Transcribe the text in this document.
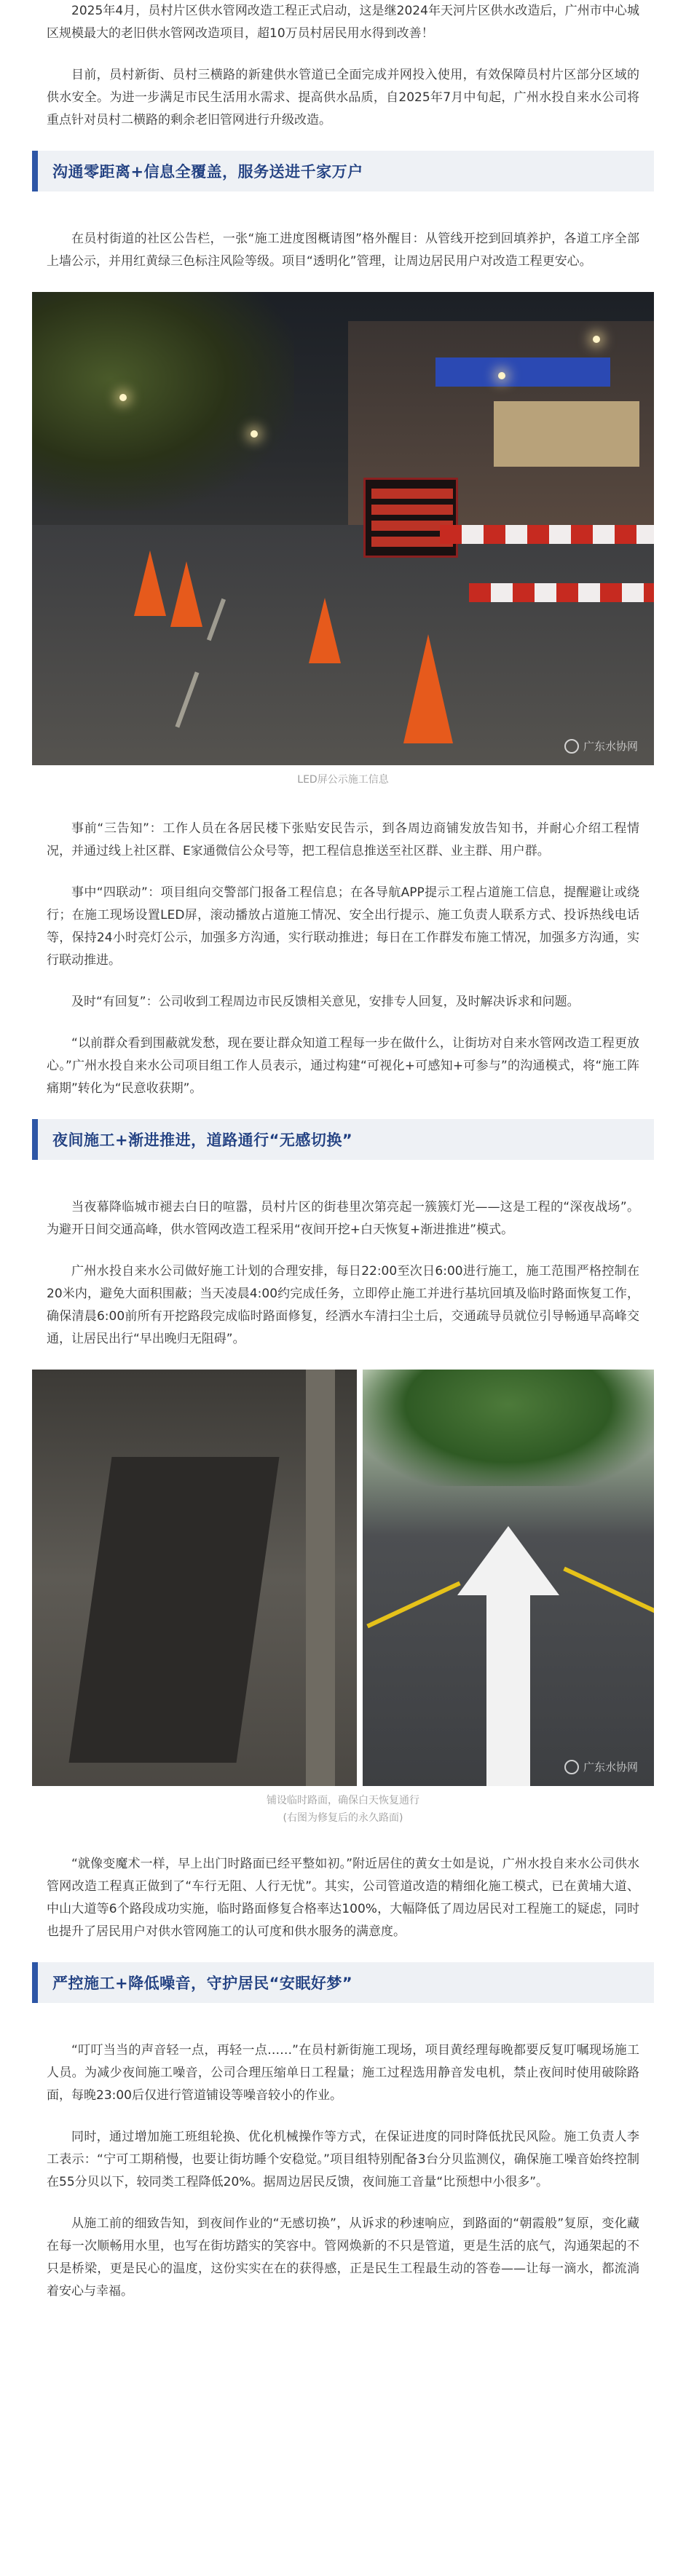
2025年4月，员村片区供水管网改造工程正式启动，这是继2024年天河片区供水改造后，广州市中心城区规模最大的老旧供水管网改造项目，超10万员村居民用水得到改善！

目前，员村新街、员村三横路的新建供水管道已全面完成并网投入使用，有效保障员村片区部分区域的供水安全。为进一步满足市民生活用水需求、提高供水品质，自2025年7月中旬起，广州水投自来水公司将重点针对员村二横路的剩余老旧管网进行升级改造。

沟通零距离+信息全覆盖，服务送进千家万户

在员村街道的社区公告栏，一张“施工进度图概请图”格外醒目：从管线开挖到回填养护，各道工序全部上墙公示，并用红黄绿三色标注风险等级。项目“透明化”管理，让周边居民用户对改造工程更安心。

广东水协网
LED屏公示施工信息

事前“三告知”：工作人员在各居民楼下张贴安民告示，到各周边商铺发放告知书，并耐心介绍工程情况，并通过线上社区群、E家通微信公众号等，把工程信息推送至社区群、业主群、用户群。

事中“四联动”：项目组向交警部门报备工程信息；在各导航APP提示工程占道施工信息，提醒避让或绕行；在施工现场设置LED屏，滚动播放占道施工情况、安全出行提示、施工负责人联系方式、投诉热线电话等，保持24小时亮灯公示，加强多方沟通，实行联动推进；每日在工作群发布施工情况，加强多方沟通，实行联动推进。

及时“有回复”：公司收到工程周边市民反馈相关意见，安排专人回复，及时解决诉求和问题。

“以前群众看到围蔽就发愁，现在要让群众知道工程每一步在做什么，让街坊对自来水管网改造工程更放心。”广州水投自来水公司项目组工作人员表示，通过构建“可视化+可感知+可参与”的沟通模式，将“施工阵痛期”转化为“民意收获期”。

夜间施工+渐进推进，道路通行“无感切换”

当夜幕降临城市褪去白日的喧嚣，员村片区的街巷里次第亮起一簇簇灯光——这是工程的“深夜战场”。为避开日间交通高峰，供水管网改造工程采用“夜间开挖+白天恢复+渐进推进”模式。

广州水投自来水公司做好施工计划的合理安排，每日22:00至次日6:00进行施工，施工范围严格控制在20米内，避免大面积围蔽；当天凌晨4:00约完成任务，立即停止施工并进行基坑回填及临时路面恢复工作，确保清晨6:00前所有开挖路段完成临时路面修复，经洒水车清扫尘土后，交通疏导员就位引导畅通早高峰交通，让居民出行“早出晚归无阻碍”。

广东水协网
铺设临时路面，确保白天恢复通行
(右图为修复后的永久路面)

“就像变魔术一样，早上出门时路面已经平整如初。”附近居住的黄女士如是说，广州水投自来水公司供水管网改造工程真正做到了“车行无阻、人行无忧”。其实，公司管道改造的精细化施工模式，已在黄埔大道、中山大道等6个路段成功实施，临时路面修复合格率达100%，大幅降低了周边居民对工程施工的疑虑，同时也提升了居民用户对供水管网施工的认可度和供水服务的满意度。

严控施工+降低噪音，守护居民“安眠好梦”

“叮叮当当的声音轻一点，再轻一点……”在员村新街施工现场，项目黄经理每晚都要反复叮嘱现场施工人员。为减少夜间施工噪音，公司合理压缩单日工程量；施工过程选用静音发电机，禁止夜间时使用破除路面，每晚23:00后仅进行管道铺设等噪音较小的作业。

同时，通过增加施工班组轮换、优化机械操作等方式，在保证进度的同时降低扰民风险。施工负责人李工表示：“宁可工期稍慢，也要让街坊睡个安稳觉。”项目组特别配备3台分贝监测仪，确保施工噪音始终控制在55分贝以下，较同类工程降低20%。据周边居民反馈，夜间施工音量“比预想中小很多”。

从施工前的细致告知，到夜间作业的“无感切换”，从诉求的秒速响应，到路面的“朝霞般”复原，变化藏在每一次顺畅用水里，也写在街坊踏实的笑容中。管网焕新的不只是管道，更是生活的底气，沟通架起的不只是桥梁，更是民心的温度，这份实实在在的获得感，正是民生工程最生动的答卷——让每一滴水，都流淌着安心与幸福。
